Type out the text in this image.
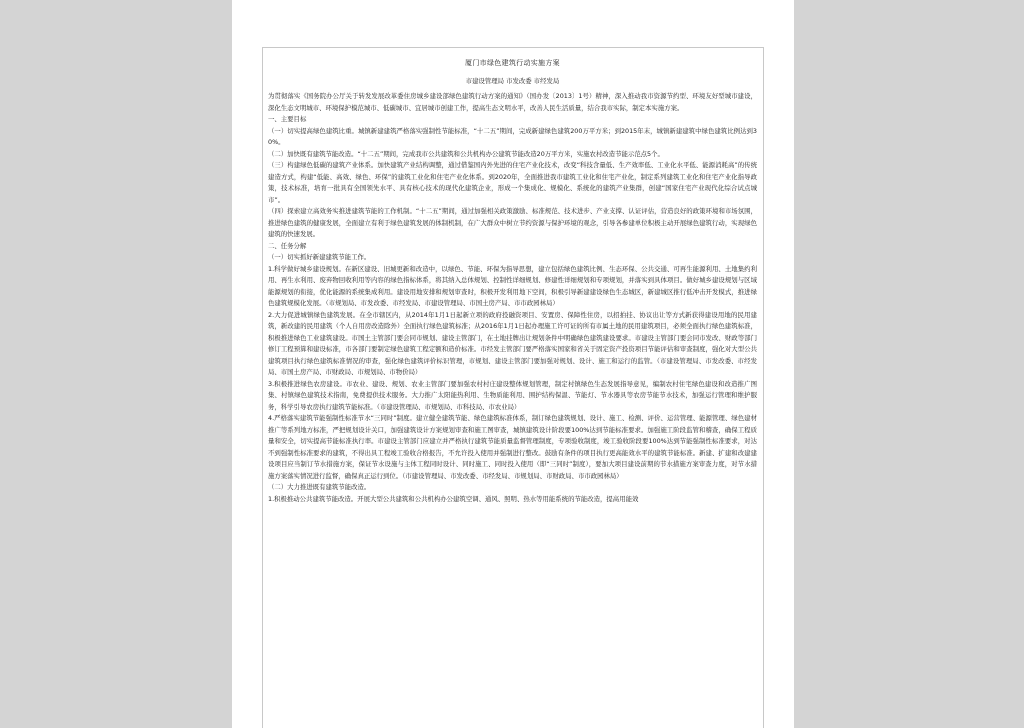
厦门市绿色建筑行动实施方案
市建设管理局 市发改委 市经发局

为贯彻落实《国务院办公厅关于转发发展改革委住房城乡建设部绿色建筑行动方案的通知》（国办发〔2013〕1号）精神，深入推动我市资源节约型、环境友好型城市建设，深化生态文明城市、环境保护模范城市、低碳城市、宜居城市创建工作，提高生态文明水平，改善人民生活质量，结合我市实际，制定本实施方案。

一、主要目标

（一）切实提高绿色建筑比重。城镇新建建筑严格落实强制性节能标准，“十二五”期间，完成新建绿色建筑200万平方米；到2015年末，城镇新建建筑中绿色建筑比例达到30%。

（二）加快既有建筑节能改造。“十二五”期间，完成我市公共建筑和公共机构办公建筑节能改造20万平方米，实施农村改造节能示范点5个。

（三）构建绿色低碳的建筑产业体系。加快建筑产业结构调整，通过借鉴国内外先进的住宅产业化技术，改变“科技含量低、生产效率低、工业化水平低、能源消耗高”的传统建造方式，构建“低能、高效、绿色、环保”的建筑工业化和住宅产业化体系。到2020年，全面推进我市建筑工业化和住宅产业化，制定系列建筑工业化和住宅产业化指导政策，技术标准，培育一批具有全国领先水平、具有核心技术的现代化建筑企业，形成一个集成化、规模化、系统化的建筑产业集群，创建“国家住宅产业现代化综合试点城市”。

（四）探索建立高效务实推进建筑节能的工作机制。“十二五”期间，通过加强相关政策激励、标准规范、技术进步、产业支撑、认证评估，营造良好的政策环境和市场氛围，推进绿色建筑的健康发展，全面建立有利于绿色建筑发展的体制机制，在广大群众中树立节约资源与保护环境的观念，引导各参建单位积极主动开展绿色建筑行动，实现绿色建筑的快速发展。

二、任务分解

（一）切实抓好新建建筑节能工作。

1.科学做好城乡建设规划。在新区建设、旧城更新和改造中，以绿色、节能、环保为指导思想，建立包括绿色建筑比例、生态环保、公共交通、可再生能源利用、土地集约利用、再生水利用、废弃物回收利用等内容的绿色指标体系，将其纳入总体规划、控制性详细规划、修建性详细规划和专项规划，并落实到具体项目。做好城乡建设规划与区域能源规划的衔接，优化能源的系统集成利用。建设用地安排和规划审查时，积极开发利用地下空间，积极引导新建建设绿色生态城区，新建城区推行低冲击开发模式，推进绿色建筑规模化发展。（市规划局、市发改委、市经发局、市建设管理局、市国土房产局、市市政园林局）

2.大力促进城镇绿色建筑发展。在全市辖区内，从2014年1月1日起新立项的政府投融资项目、安置房、保障性住房，以招拍挂、协议出让等方式新获得建设用地的民用建筑，新改建的民用建筑（个人自用房改造除外）全面执行绿色建筑标准；从2016年1月1日起办理施工许可证的所有市属土地的民用建筑项目，必须全面执行绿色建筑标准，积极推进绿色工业建筑建设。市国土主管部门要会同市规划、建设主管部门，在土地挂牌出让规划条件中明确绿色建筑建设要求。市建设主管部门要会同市发改、财政等部门修订工程预算和建设标准，市各部门要制定绿色建筑工程定额和造价标准。市经发主管部门要严格落实国家和省关于固定资产投资项目节能评估和审查制度，强化对大型公共建筑项目执行绿色建筑标准情况的审查，强化绿色建筑评价标识管理，市规划、建设主管部门要加强对规划、设计、施工和运行的监管。（市建设管理局、市发改委、市经发局、市国土房产局、市财政局、市规划局、市物价局）

3.积极推进绿色农房建设。市农业、建设、规划、农业主管部门要加强农村村庄建设整体规划管理，制定村镇绿色生态发展指导意见，编制农村住宅绿色建设和改造推广图集、村镇绿色建筑技术指南，免费提供技术服务。大力推广太阳能热利用、生物质能利用、围护结构保温、节能灯、节水器具等农房节能节水技术，加强运行管理和维护服务，科学引导农房执行建筑节能标准。（市建设管理局、市规划局、市科技局、市农业局）

4.严格落实建筑节能强制性标准节水“三同时”制度。建立健全建筑节能、绿色建筑标准体系，制订绿色建筑规划、设计、施工、检测、评价、运营管理、能源管理、绿色建材推广等系列地方标准，严把规划设计关口，加强建筑设计方案规划审查和施工图审查，城镇建筑设计阶段要100%达到节能标准要求。加强施工阶段监管和稽查，确保工程质量和安全，切实提高节能标准执行率。市建设主管部门应建立并严格执行建筑节能质量监督管理制度，专项验收制度，竣工验收阶段要100%达到节能强制性标准要求，对达不到强制性标准要求的建筑，不得出具工程竣工验收合格报告，不允许投入使用并强制进行整改。鼓励有条件的项目执行更高能效水平的建筑节能标准。新建、扩建和改建建设项目应当制订节水措施方案，保证节水设施与主体工程同时设计、同时施工、同时投入使用（即“三同时”制度），要加大项目建设前期的节水措施方案审查力度，对节水措施方案落实情况进行监督，确保真正运行到位。（市建设管理局、市发改委、市经发局、市规划局、市财政局、市市政园林局）

（二）大力推进既有建筑节能改造。

1.积极推动公共建筑节能改造。开展大型公共建筑和公共机构办公建筑空调、通风、照明、热水等用能系统的节能改造，提高用能效
